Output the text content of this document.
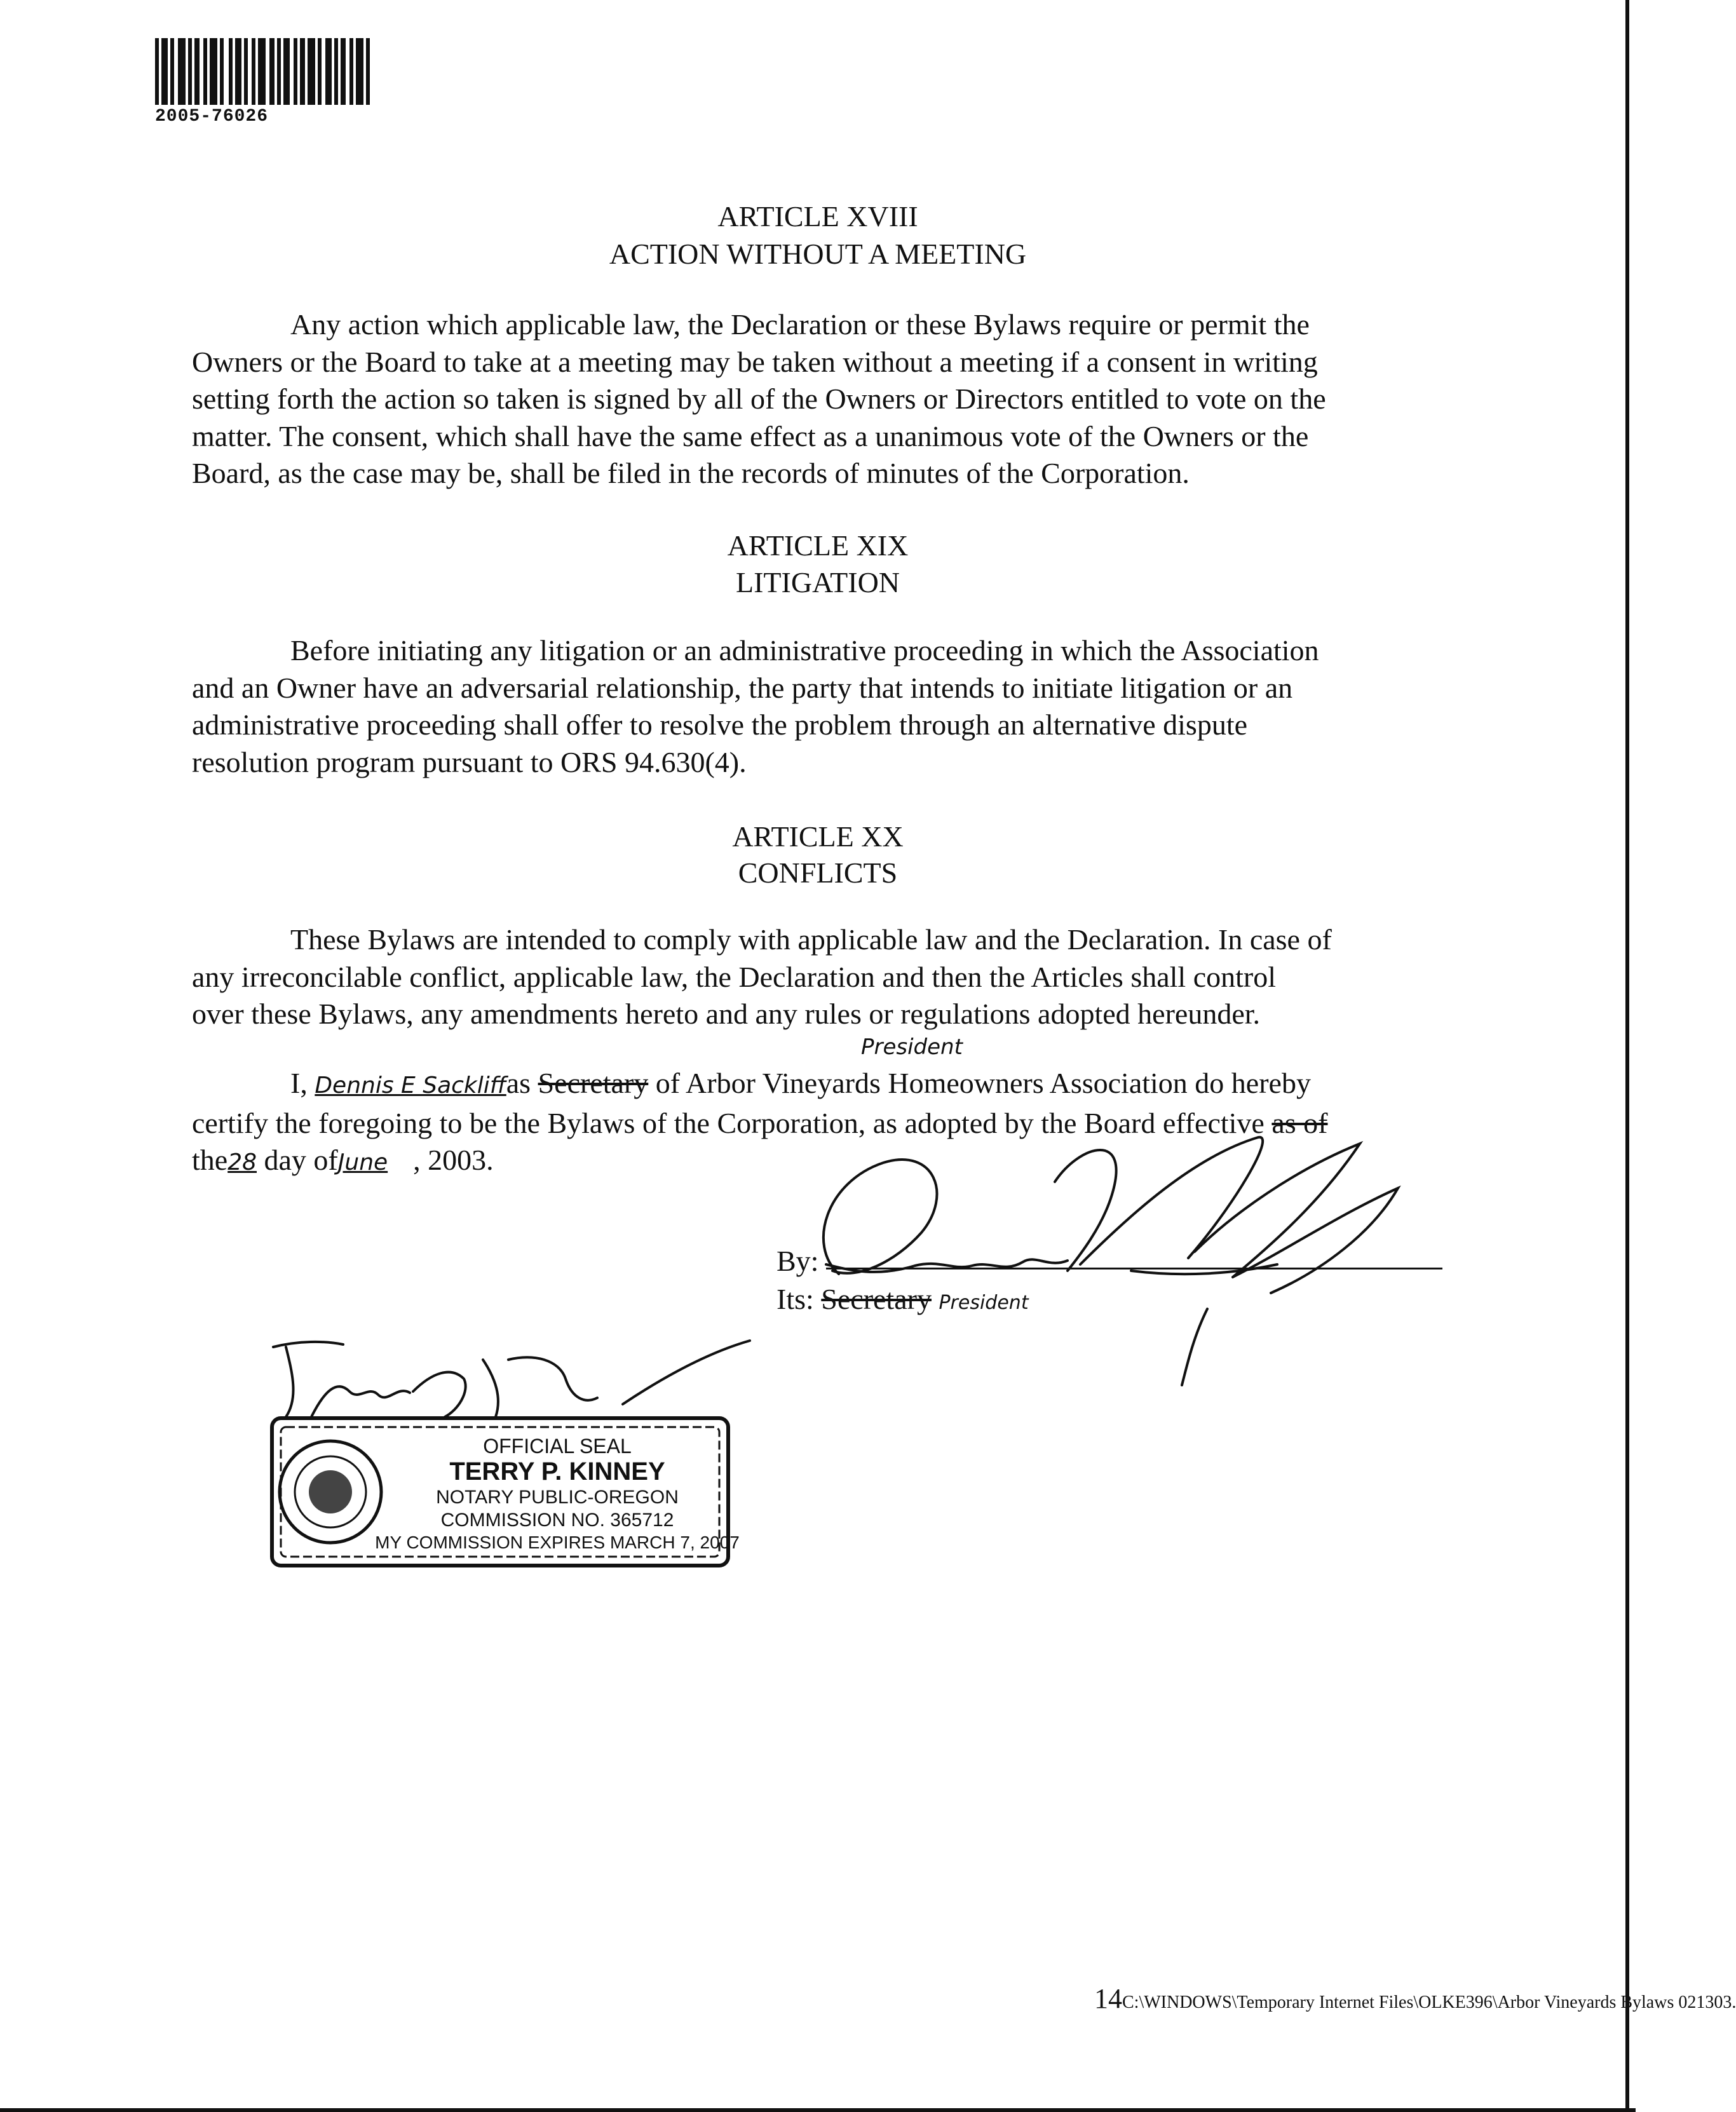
2005-76026
ARTICLE XVIII
ACTION WITHOUT A MEETING
Any action which applicable law, the Declaration or these Bylaws require or permit the
Owners or the Board to take at a meeting may be taken without a meeting if a consent in writing
setting forth the action so taken is signed by all of the Owners or Directors entitled to vote on the
matter. The consent, which shall have the same effect as a unanimous vote of the Owners or the
Board, as the case may be, shall be filed in the records of minutes of the Corporation.
ARTICLE XIX
LITIGATION
Before initiating any litigation or an administrative proceeding in which the Association
and an Owner have an adversarial relationship, the party that intends to initiate litigation or an
administrative proceeding shall offer to resolve the problem through an alternative dispute
resolution program pursuant to ORS 94.630(4).
ARTICLE XX
CONFLICTS
These Bylaws are intended to comply with applicable law and the Declaration. In case of
any irreconcilable conflict, applicable law, the Declaration and then the Articles shall control
over these Bylaws, any amendments hereto and any rules or regulations adopted hereunder.
President
I, Dennis E Sackliffas Secretary of Arbor Vineyards Homeowners Association do hereby
certify the foregoing to be the Bylaws of the Corporation, as adopted by the Board effective as of
the28 day ofJune , 2003.
By:
Its: Secretary President
OFFICIAL SEAL
TERRY P. KINNEY
NOTARY PUBLIC-OREGON
COMMISSION NO. 365712
MY COMMISSION EXPIRES MARCH 7, 2007
14C:\WINDOWS\Temporary Internet Files\OLKE396\Arbor Vineyards Bylaws 021303.
